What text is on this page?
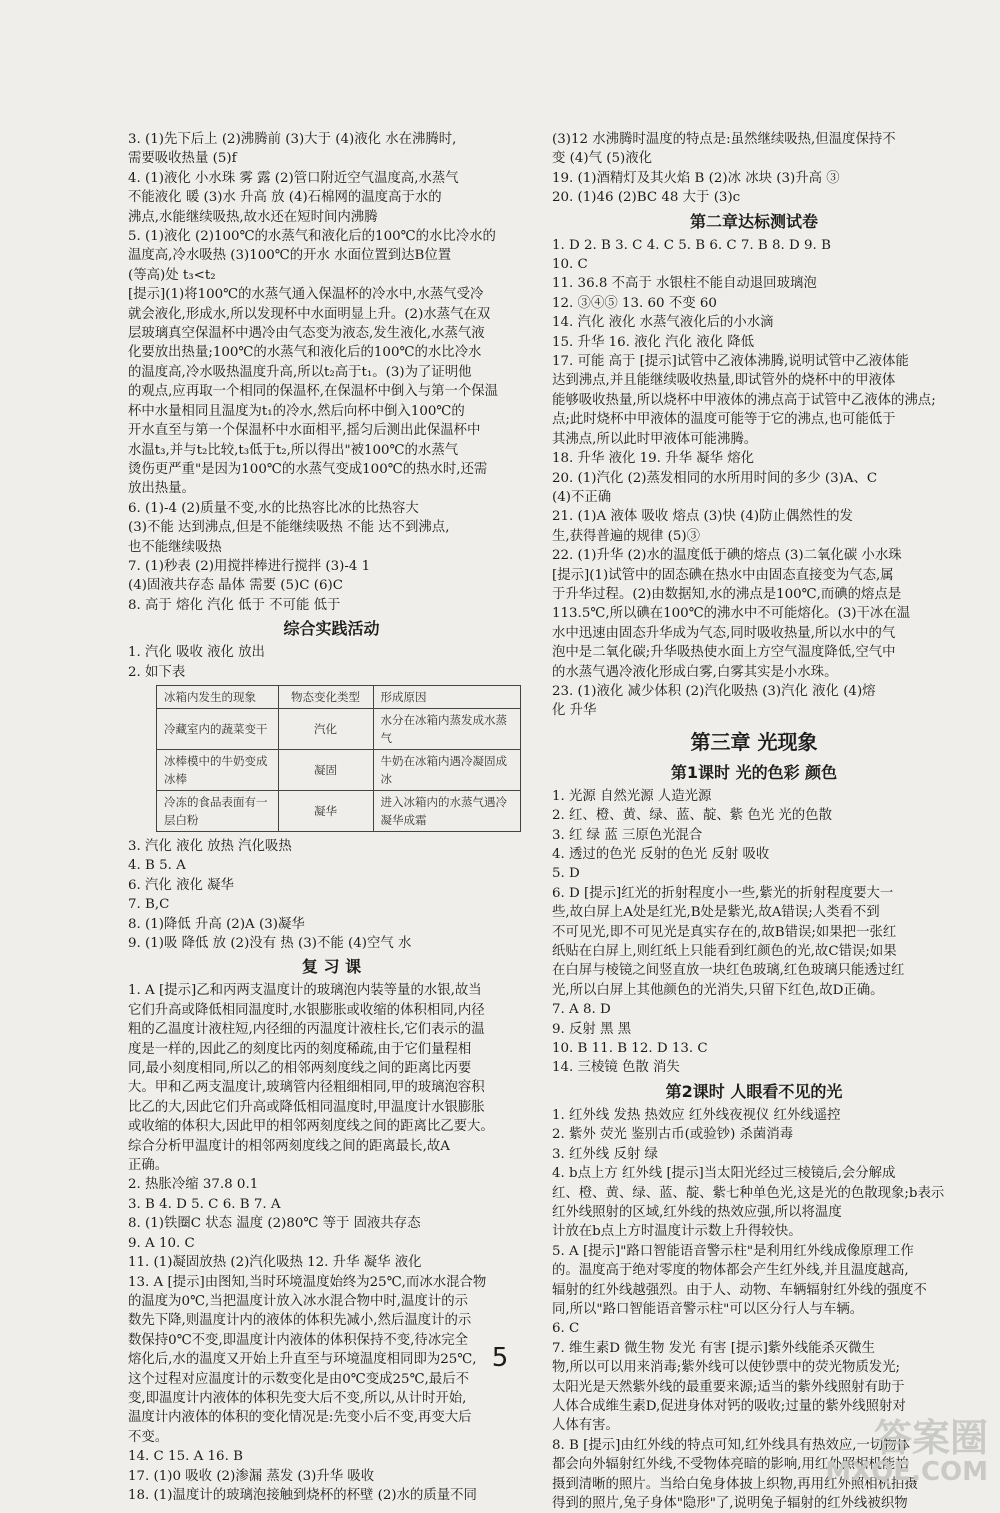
3. (1)先下后上 (2)沸腾前 (3)大于 (4)液化 水在沸腾时,
需要吸收热量 (5)f
4. (1)液化 小水珠 雾 露 (2)管口附近空气温度高,水蒸气
不能液化 暖 (3)水 升高 放 (4)石棉网的温度高于水的
沸点,水能继续吸热,故水还在短时间内沸腾
5. (1)液化 (2)100℃的水蒸气和液化后的100℃的水比冷水的
温度高,冷水吸热 (3)100℃的开水 水面位置到达B位置
(等高)处 t₃<t₂
[提示](1)将100℃的水蒸气通入保温杯的冷水中,水蒸气受冷
就会液化,形成水,所以发现杯中水面明显上升。(2)水蒸气在双
层玻璃真空保温杯中遇冷由气态变为液态,发生液化,水蒸气液
化要放出热量;100℃的水蒸气和液化后的100℃的水比冷水
的温度高,冷水吸热温度升高,所以t₂高于t₁。(3)为了证明他
的观点,应再取一个相同的保温杯,在保温杯中倒入与第一个保温
杯中水量相同且温度为t₁的冷水,然后向杯中倒入100℃的
开水直至与第一个保温杯中水面相平,摇匀后测出此保温杯中
水温t₃,并与t₂比较,t₃低于t₂,所以得出"被100℃的水蒸气
烫伤更严重"是因为100℃的水蒸气变成100℃的热水时,还需
放出热量。
6. (1)-4 (2)质量不变,水的比热容比冰的比热容大
(3)不能 达到沸点,但是不能继续吸热 不能 达不到沸点,
也不能继续吸热
7. (1)秒表 (2)用搅拌棒进行搅拌 (3)-4 1
(4)固液共存态 晶体 需要 (5)C (6)C
8. 高于 熔化 汽化 低于 不可能 低于
综合实践活动
1. 汽化 吸收 液化 放出
2. 如下表
冰箱内发生的现象	物态变化类型	形成原因
冷藏室内的蔬菜变干	汽化	水分在冰箱内蒸发成水蒸气
冰棒模中的牛奶变成冰棒	凝固	牛奶在冰箱内遇冷凝固成冰
冷冻的食品表面有一层白粉	凝华	进入冰箱内的水蒸气遇冷凝华成霜
3. 汽化 液化 放热 汽化吸热
4. B 5. A
6. 汽化 液化 凝华
7. B,C
8. (1)降低 升高 (2)A (3)凝华
9. (1)吸 降低 放 (2)没有 热 (3)不能 (4)空气 水
复 习 课
1. A [提示]乙和丙两支温度计的玻璃泡内装等量的水银,故当
它们升高或降低相同温度时,水银膨胀或收缩的体积相同,内径
粗的乙温度计液柱短,内径细的丙温度计液柱长,它们表示的温
度是一样的,因此乙的刻度比丙的刻度稀疏,由于它们量程相
同,最小刻度相同,所以乙的相邻两刻度线之间的距离比丙要
大。甲和乙两支温度计,玻璃管内径粗细相同,甲的玻璃泡容积
比乙的大,因此它们升高或降低相同温度时,甲温度计水银膨胀
或收缩的体积大,因此甲的相邻两刻度线之间的距离比乙要大。
综合分析甲温度计的相邻两刻度线之间的距离最长,故A
正确。
2. 热胀冷缩 37.8 0.1
3. B 4. D 5. C 6. B 7. A
8. (1)铁圈C 状态 温度 (2)80℃ 等于 固液共存态
9. A 10. C
11. (1)凝固放热 (2)汽化吸热 12. 升华 凝华 液化
13. A [提示]由图知,当时环境温度始终为25℃,而冰水混合物
的温度为0℃,当把温度计放入冰水混合物中时,温度计的示
数先下降,则温度计内的液体的体积先减小,然后温度计的示
数保持0℃不变,即温度计内液体的体积保持不变,待冰完全
熔化后,水的温度又开始上升直至与环境温度相同即为25℃,
这个过程对应温度计的示数变化是由0℃变成25℃,最后不
变,即温度计内液体的体积先变大后不变,所以,从计时开始,
温度计内液体的体积的变化情况是:先变小后不变,再变大后
不变。
14. C 15. A 16. B
17. (1)0 吸收 (2)渗漏 蒸发 (3)升华 吸收
18. (1)温度计的玻璃泡接触到烧杯的杯壁 (2)水的质量不同
(3)12 水沸腾时温度的特点是:虽然继续吸热,但温度保持不
变 (4)气 (5)液化
19. (1)酒精灯及其火焰 B (2)冰 冰块 (3)升高 ③
20. (1)46 (2)BC 48 大于 (3)c
第二章达标测试卷
1. D 2. B 3. C 4. C 5. B 6. C 7. B 8. D 9. B
10. C
11. 36.8 不高于 水银柱不能自动退回玻璃泡
12. ③④⑤ 13. 60 不变 60
14. 汽化 液化 水蒸气液化后的小水滴
15. 升华 16. 液化 汽化 液化 降低
17. 可能 高于 [提示]试管中乙液体沸腾,说明试管中乙液体能
达到沸点,并且能继续吸收热量,即试管外的烧杯中的甲液体
能够吸收热量,所以烧杯中甲液体的沸点高于试管中乙液体的沸点;
点;此时烧杯中甲液体的温度可能等于它的沸点,也可能低于
其沸点,所以此时甲液体可能沸腾。
18. 升华 液化 19. 升华 凝华 熔化
20. (1)汽化 (2)蒸发相同的水所用时间的多少 (3)A、C
(4)不正确
21. (1)A 液体 吸收 熔点 (3)快 (4)防止偶然性的发
生,获得普遍的规律 (5)③
22. (1)升华 (2)水的温度低于碘的熔点 (3)二氧化碳 小水珠
[提示](1)试管中的固态碘在热水中由固态直接变为气态,属
于升华过程。(2)由数据知,水的沸点是100℃,而碘的熔点是
113.5℃,所以碘在100℃的沸水中不可能熔化。(3)干冰在温
水中迅速由固态升华成为气态,同时吸收热量,所以水中的气
泡中是二氧化碳;升华吸热使水面上方空气温度降低,空气中
的水蒸气遇冷液化形成白雾,白雾其实是小水珠。
23. (1)液化 减少体积 (2)汽化吸热 (3)汽化 液化 (4)熔
化 升华
第三章 光现象
第1课时 光的色彩 颜色
1. 光源 自然光源 人造光源
2. 红、橙、黄、绿、蓝、靛、紫 色光 光的色散
3. 红 绿 蓝 三原色光混合
4. 透过的色光 反射的色光 反射 吸收
5. D
6. D [提示]红光的折射程度小一些,紫光的折射程度要大一
些,故白屏上A处是红光,B处是紫光,故A错误;人类看不到
不可见光,即不可见光是真实存在的,故B错误;如果把一张红
纸贴在白屏上,则红纸上只能看到红颜色的光,故C错误;如果
在白屏与棱镜之间竖直放一块红色玻璃,红色玻璃只能透过红
光,所以白屏上其他颜色的光消失,只留下红色,故D正确。
7. A 8. D
9. 反射 黑 黑
10. B 11. B 12. D 13. C
14. 三棱镜 色散 消失
第2课时 人眼看不见的光
1. 红外线 发热 热效应 红外线夜视仪 红外线遥控
2. 紫外 荧光 鉴别古币(或验钞) 杀菌消毒
3. 红外线 反射 绿
4. b点上方 红外线 [提示]当太阳光经过三棱镜后,会分解成
红、橙、黄、绿、蓝、靛、紫七种单色光,这是光的色散现象;b表示
红外线照射的区域,红外线的热效应强,所以将温度
计放在b点上方时温度计示数上升得较快。
5. A [提示]"路口智能语音警示柱"是利用红外线成像原理工作
的。温度高于绝对零度的物体都会产生红外线,并且温度越高,
辐射的红外线越强烈。由于人、动物、车辆辐射红外线的强度不
同,所以"路口智能语音警示柱"可以区分行人与车辆。
6. C
7. 维生素D 微生物 发光 有害 [提示]紫外线能杀灭微生
物,所以可以用来消毒;紫外线可以使钞票中的荧光物质发光;
太阳光是天然紫外线的最重要来源;适当的紫外线照射有助于
人体合成维生素D,促进身体对钙的吸收;过量的紫外线照射对
人体有害。
8. B [提示]由红外线的特点可知,红外线具有热效应,一切物体
都会向外辐射红外线,不受物体亮暗的影响,用红外照相机能拍
摄到清晰的照片。当给白兔身体披上织物,再用红外照相机拍摄
得到的照片,兔子身体"隐形"了,说明兔子辐射的红外线被织物
5
答案圈
MXQE.COM
